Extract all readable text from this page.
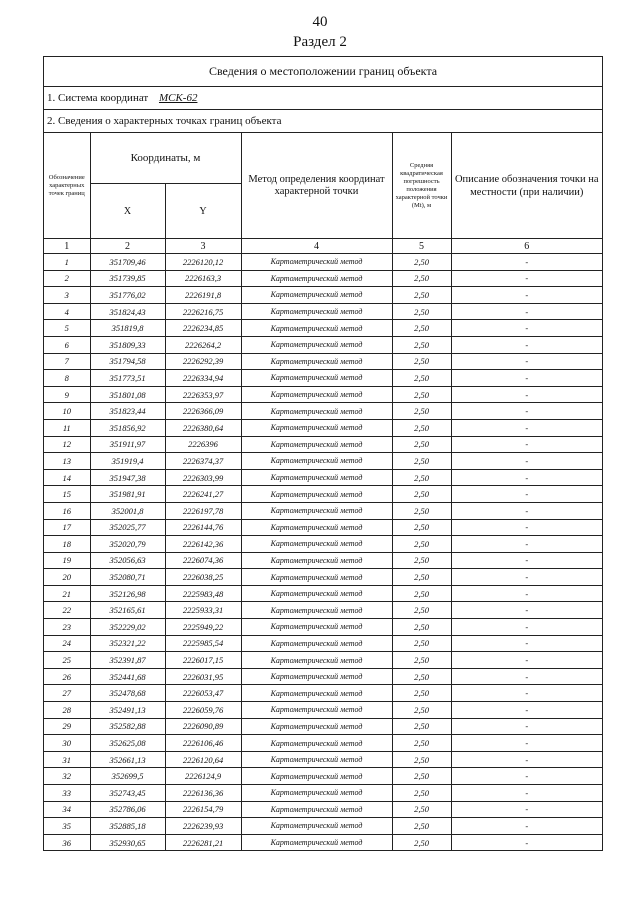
40
Раздел 2
Сведения о местоположении границ объекта
1. Система координат МСК-62
2. Сведения о характерных точках границ объекта
Обозначение характерных точек границ	Координаты, м		Метод определения координат характерной точки	Средняя квадратическая погрешность положения характерной точки (Mt), м	Описание обозначения точки на местности (при наличии)
	X	Y			
1	2	3	4	5	6
1	351709,46	2226120,12	Картометрический метод	2,50	-
2	351739,85	2226163,3	Картометрический метод	2,50	-
3	351776,02	2226191,8	Картометрический метод	2,50	-
4	351824,43	2226216,75	Картометрический метод	2,50	-
5	351819,8	2226234,85	Картометрический метод	2,50	-
6	351809,33	2226264,2	Картометрический метод	2,50	-
7	351794,58	2226292,39	Картометрический метод	2,50	-
8	351773,51	2226334,94	Картометрический метод	2,50	-
9	351801,08	2226353,97	Картометрический метод	2,50	-
10	351823,44	2226366,09	Картометрический метод	2,50	-
11	351856,92	2226380,64	Картометрический метод	2,50	-
12	351911,97	2226396	Картометрический метод	2,50	-
13	351919,4	2226374,37	Картометрический метод	2,50	-
14	351947,38	2226303,99	Картометрический метод	2,50	-
15	351981,91	2226241,27	Картометрический метод	2,50	-
16	352001,8	2226197,78	Картометрический метод	2,50	-
17	352025,77	2226144,76	Картометрический метод	2,50	-
18	352020,79	2226142,36	Картометрический метод	2,50	-
19	352056,63	2226074,36	Картометрический метод	2,50	-
20	352080,71	2226038,25	Картометрический метод	2,50	-
21	352126,98	2225983,48	Картометрический метод	2,50	-
22	352165,61	2225933,31	Картометрический метод	2,50	-
23	352229,02	2225949,22	Картометрический метод	2,50	-
24	352321,22	2225985,54	Картометрический метод	2,50	-
25	352391,87	2226017,15	Картометрический метод	2,50	-
26	352441,68	2226031,95	Картометрический метод	2,50	-
27	352478,68	2226053,47	Картометрический метод	2,50	-
28	352491,13	2226059,76	Картометрический метод	2,50	-
29	352582,88	2226090,89	Картометрический метод	2,50	-
30	352625,08	2226106,46	Картометрический метод	2,50	-
31	352661,13	2226120,64	Картометрический метод	2,50	-
32	352699,5	2226124,9	Картометрический метод	2,50	-
33	352743,45	2226136,36	Картометрический метод	2,50	-
34	352786,06	2226154,79	Картометрический метод	2,50	-
35	352885,18	2226239,93	Картометрический метод	2,50	-
36	352930,65	2226281,21	Картометрический метод	2,50	-
